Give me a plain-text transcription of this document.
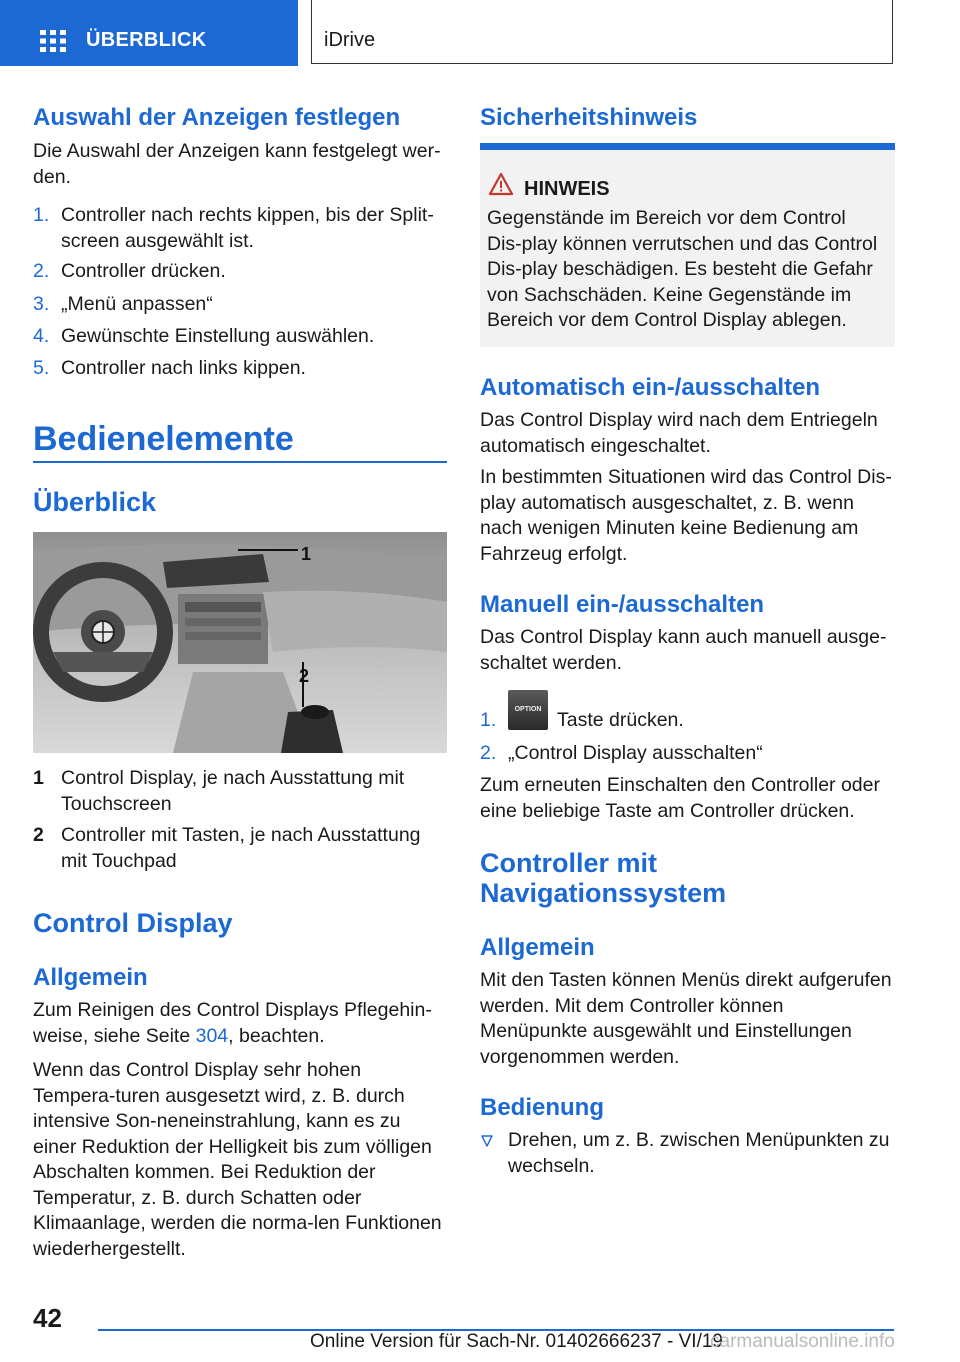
ÜBERBLICK	iDrive
Auswahl der Anzeigen festlegen
Die Auswahl der Anzeigen kann festgelegt wer‐den.
1. Controller nach rechts kippen, bis der Split‐screen ausgewählt ist.
2. Controller drücken.
3. „Menü anpassen“
4. Gewünschte Einstellung auswählen.
5. Controller nach links kippen.
Bedienelemente
Überblick
1
2
1 Control Display, je nach Ausstattung mit Touchscreen
2 Controller mit Tasten, je nach Ausstattung mit Touchpad
Control Display
Allgemein
Zum Reinigen des Control Displays Pflegehin‐weise, siehe Seite 304, beachten.
Wenn das Control Display sehr hohen Tempera‐turen ausgesetzt wird, z. B. durch intensive Son‐neneinstrahlung, kann es zu einer Reduktion der Helligkeit bis zum völligen Abschalten kommen. Bei Reduktion der Temperatur, z. B. durch Schatten oder Klimaanlage, werden die norma‐len Funktionen wiederhergestellt.
Sicherheitshinweis
HINWEIS
Gegenstände im Bereich vor dem Control Dis‐play können verrutschen und das Control Dis‐play beschädigen. Es besteht die Gefahr von Sachschäden. Keine Gegenstände im Bereich vor dem Control Display ablegen.
Automatisch ein-/ausschalten
Das Control Display wird nach dem Entriegeln automatisch eingeschaltet.
In bestimmten Situationen wird das Control Dis‐play automatisch ausgeschaltet, z. B. wenn nach wenigen Minuten keine Bedienung am Fahrzeug erfolgt.
Manuell ein-/ausschalten
Das Control Display kann auch manuell ausge‐schaltet werden.
1.	Taste drücken.
OPTION
2. „Control Display ausschalten“
Zum erneuten Einschalten den Controller oder eine beliebige Taste am Controller drücken.
Controller mit
Navigationssystem
Allgemein
Mit den Tasten können Menüs direkt aufgerufen werden. Mit dem Controller können Menüpunkte ausgewählt und Einstellungen vorgenommen werden.
Bedienung
Drehen, um z. B. zwischen Menüpunkten zu wechseln.
42
Online Version für Sach-Nr. 01402666237 - VI/19
carmanualsonline.info
